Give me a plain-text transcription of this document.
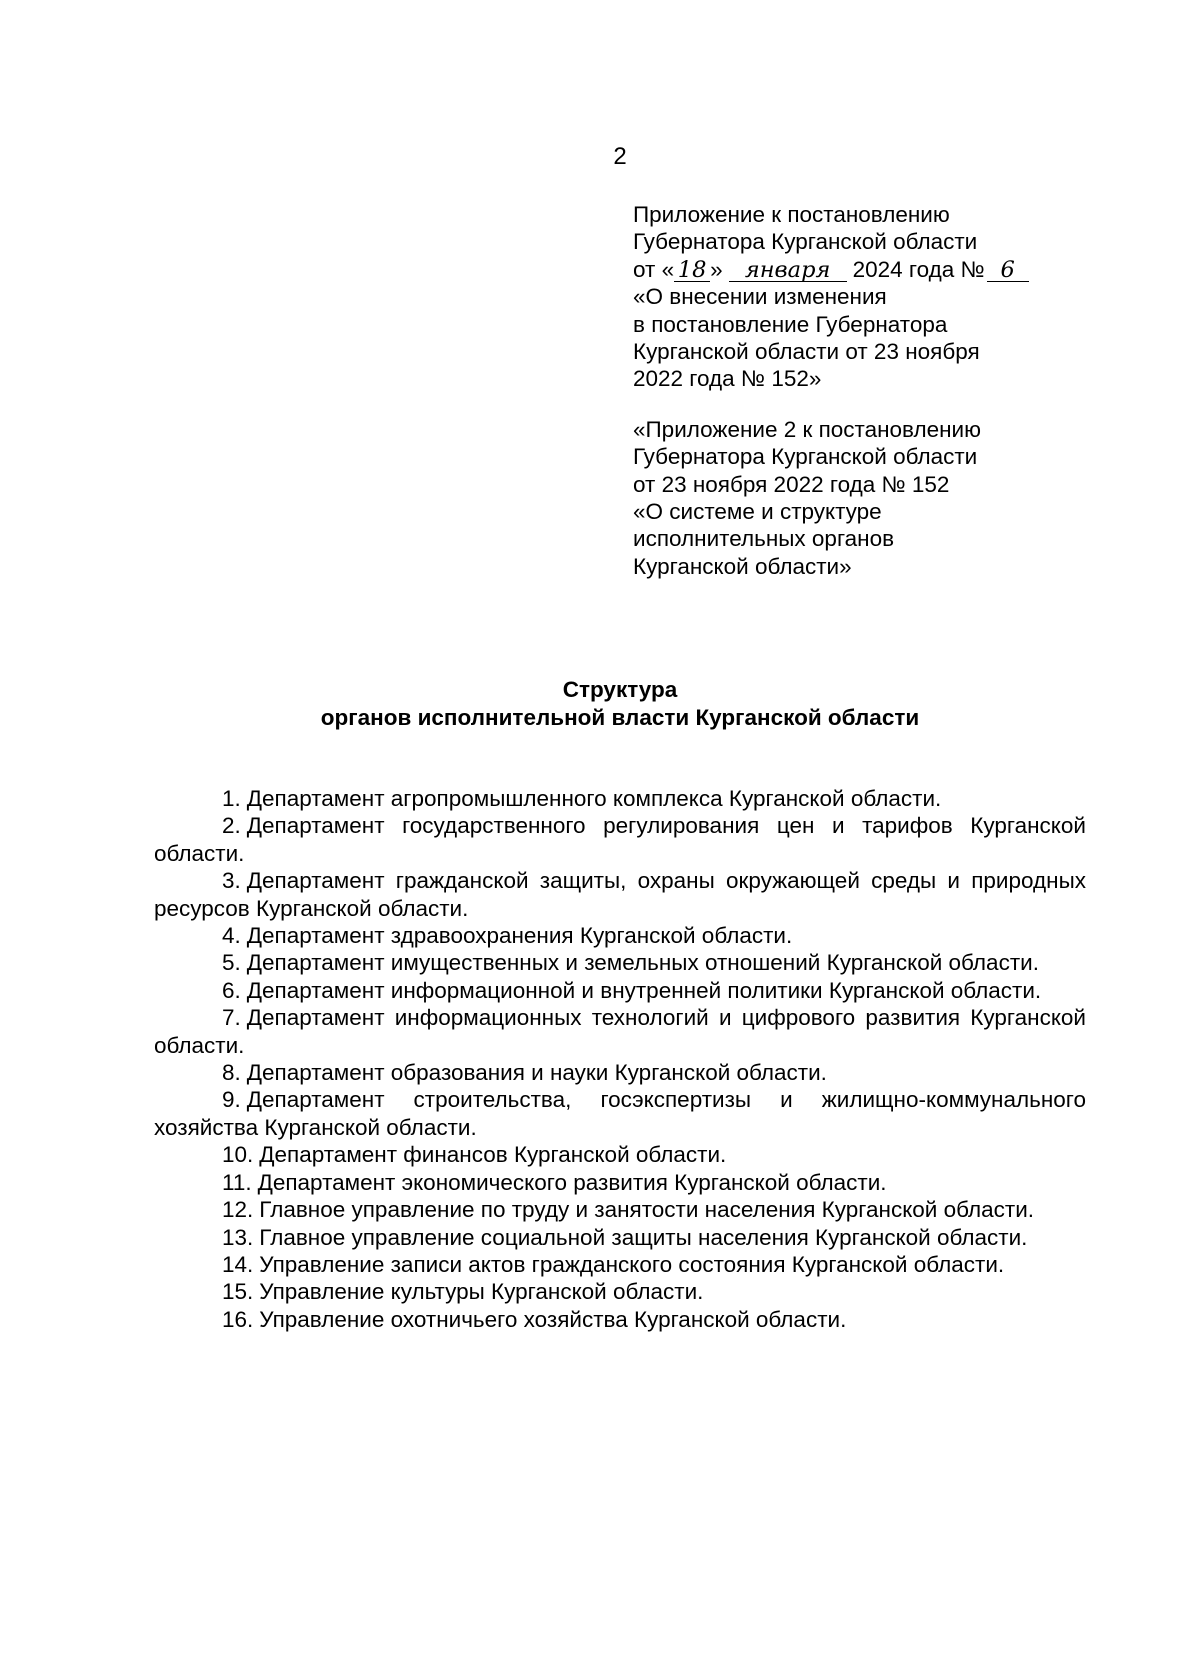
2
Приложение к постановлению
Губернатора Курганской области
от « 18 » января 2024 года № 6
«О внесении изменения
в постановление Губернатора
Курганской области от 23 ноября
2022 года № 152»
«Приложение 2 к постановлению
Губернатора Курганской области
от 23 ноября 2022 года № 152
«О системе и структуре
исполнительных органов
Курганской области»
Структура
органов исполнительной власти Курганской области

1. Департамент агропромышленного комплекса Курганской области.

2. Департамент государственного регулирования цен и тарифов Курганской области.

3. Департамент гражданской защиты, охраны окружающей среды и природных ресурсов Курганской области.

4. Департамент здравоохранения Курганской области.

5. Департамент имущественных и земельных отношений Курганской области.

6. Департамент информационной и внутренней политики Курганской области.

7. Департамент информационных технологий и цифрового развития Курганской области.

8. Департамент образования и науки Курганской области.

9. Департамент строительства, госэкспертизы и жилищно-коммунального хозяйства Курганской области.

10. Департамент финансов Курганской области.

11. Департамент экономического развития Курганской области.

12. Главное управление по труду и занятости населения Курганской области.

13. Главное управление социальной защиты населения Курганской области.

14. Управление записи актов гражданского состояния Курганской области.

15. Управление культуры Курганской области.

16. Управление охотничьего хозяйства Курганской области.
